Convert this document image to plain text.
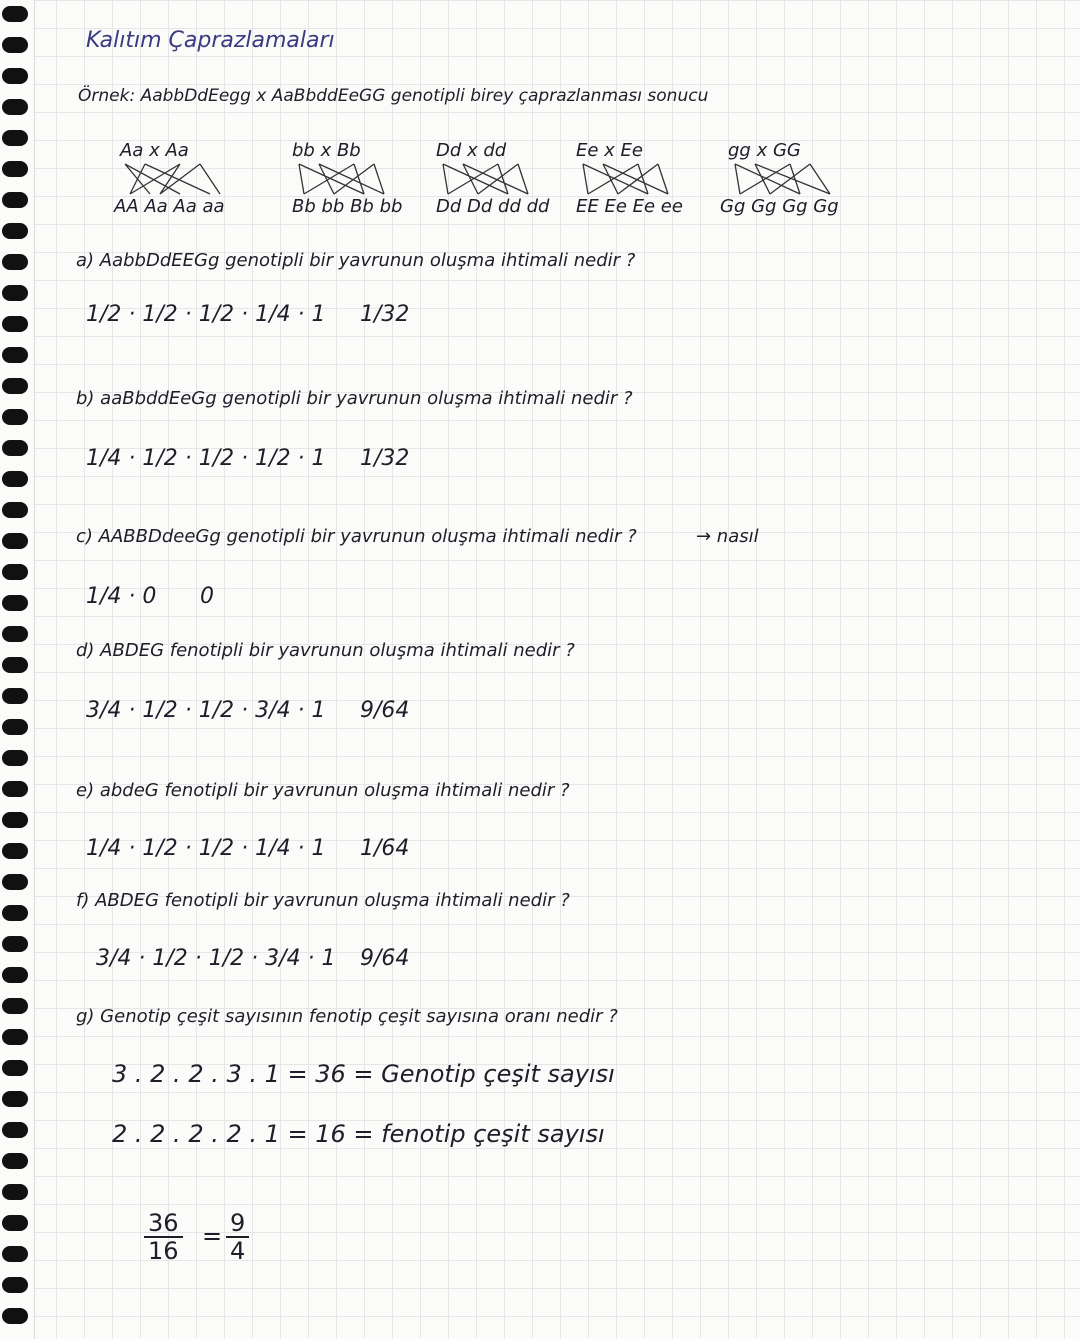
Kalıtım Çaprazlamaları
Örnek: AabbDdEegg x AaBbddEeGG genotipli birey çaprazlanması sonucu
Aa x Aa
AA Aa Aa aa
bb x Bb
Bb bb Bb bb
Dd x dd
Dd Dd dd dd
Ee x Ee
EE Ee Ee ee
gg x GG
Gg Gg Gg Gg
a) AabbDdEEGg genotipli bir yavrunun oluşma ihtimali nedir ?
1/2 · 1/2 · 1/2 · 1/4 · 1 1/32
b) aaBbddEeGg genotipli bir yavrunun oluşma ihtimali nedir ?
1/4 · 1/2 · 1/2 · 1/2 · 1 1/32
c) AABBDdeeGg genotipli bir yavrunun oluşma ihtimali nedir ?	→ nasıl
1/4 · 0 0
d) ABDEG fenotipli bir yavrunun oluşma ihtimali nedir ?
3/4 · 1/2 · 1/2 · 3/4 · 1 9/64
e) abdeG fenotipli bir yavrunun oluşma ihtimali nedir ?
1/4 · 1/2 · 1/2 · 1/4 · 1 1/64
f) ABDEG fenotipli bir yavrunun oluşma ihtimali nedir ?
3/4 · 1/2 · 1/2 · 3/4 · 1 9/64
g) Genotip çeşit sayısının fenotip çeşit sayısına oranı nedir ?
3 . 2 . 2 . 3 . 1 = 36 = Genotip çeşit sayısı
2 . 2 . 2 . 2 . 1 = 16 = fenotip çeşit sayısı
$\frac{36}{16} = \frac{9}{4}$
